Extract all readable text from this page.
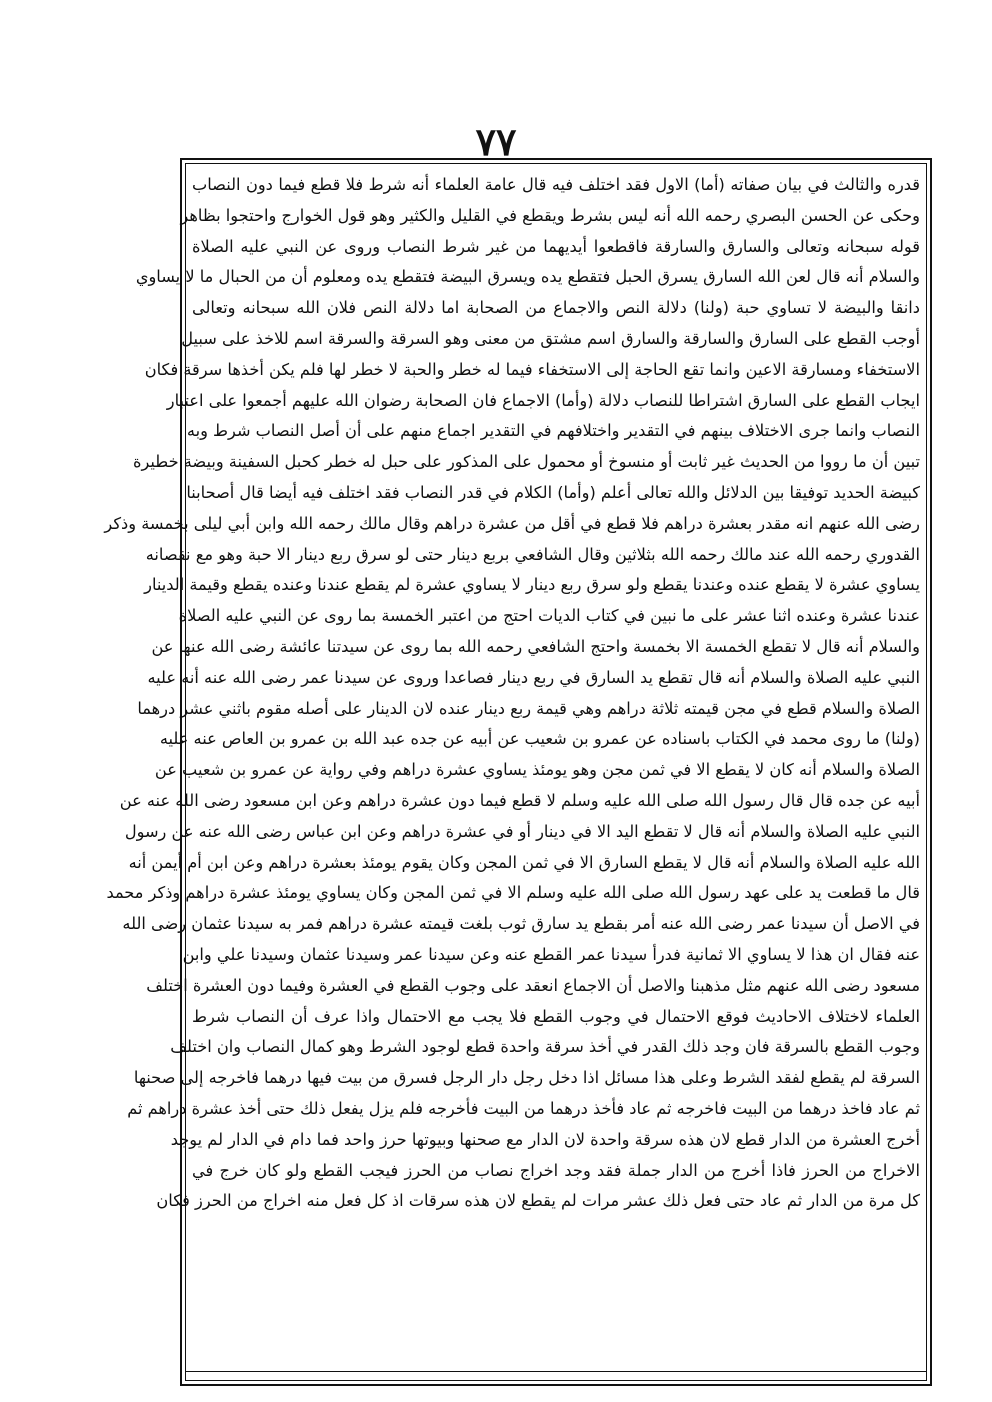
٧٧
قدره والثالث في بيان صفاته (أما) الاول فقد اختلف فيه قال عامة العلماء أنه شرط فلا قطع فيما دون النصاب
وحكى عن الحسن البصري رحمه الله أنه ليس بشرط ويقطع في القليل والكثير وهو قول الخوارج واحتجوا بظاهر
قوله سبحانه وتعالى والسارق والسارقة فاقطعوا أيديهما من غير شرط النصاب وروى عن النبي عليه الصلاة
والسلام أنه قال لعن الله السارق يسرق الحبل فتقطع يده ويسرق البيضة فتقطع يده ومعلوم أن من الحبال ما لا يساوي
دانقا والبيضة لا تساوي حبة (ولنا) دلالة النص والاجماع من الصحابة اما دلالة النص فلان الله سبحانه وتعالى
أوجب القطع على السارق والسارقة والسارق اسم مشتق من معنى وهو السرقة والسرقة اسم للاخذ على سبيل
الاستخفاء ومسارقة الاعين وانما تقع الحاجة إلى الاستخفاء فيما له خطر والحبة لا خطر لها فلم يكن أخذها سرقة فكان
ايجاب القطع على السارق اشتراطا للنصاب دلالة (وأما) الاجماع فان الصحابة رضوان الله عليهم أجمعوا على اعتبار
النصاب وانما جرى الاختلاف بينهم في التقدير واختلافهم في التقدير اجماع منهم على أن أصل النصاب شرط وبه
تبين أن ما رووا من الحديث غير ثابت أو منسوخ أو محمول على المذكور على حبل له خطر كحبل السفينة وبيضة خطيرة
كبيضة الحديد توفيقا بين الدلائل والله تعالى أعلم (وأما) الكلام في قدر النصاب فقد اختلف فيه أيضا قال أصحابنا
رضى الله عنهم انه مقدر بعشرة دراهم فلا قطع في أقل من عشرة دراهم وقال مالك رحمه الله وابن أبي ليلى بخمسة وذكر
القدوري رحمه الله عند مالك رحمه الله بثلاثين وقال الشافعي بربع دينار حتى لو سرق ربع دينار الا حبة وهو مع نقصانه
يساوي عشرة لا يقطع عنده وعندنا يقطع ولو سرق ربع دينار لا يساوي عشرة لم يقطع عندنا وعنده يقطع وقيمة الدينار
عندنا عشرة وعنده اثنا عشر على ما نبين في كتاب الديات احتج من اعتبر الخمسة بما روى عن النبي عليه الصلاة
والسلام أنه قال لا تقطع الخمسة الا بخمسة واحتج الشافعي رحمه الله بما روى عن سيدتنا عائشة رضى الله عنها عن
النبي عليه الصلاة والسلام أنه قال تقطع يد السارق في ربع دينار فصاعدا وروى عن سيدنا عمر رضى الله عنه أنه عليه
الصلاة والسلام قطع في مجن قيمته ثلاثة دراهم وهي قيمة ربع دينار عنده لان الدينار على أصله مقوم باثني عشر درهما
(ولنا) ما روى محمد في الكتاب باسناده عن عمرو بن شعيب عن أبيه عن جده عبد الله بن عمرو بن العاص عنه عليه
الصلاة والسلام أنه كان لا يقطع الا في ثمن مجن وهو يومئذ يساوي عشرة دراهم وفي رواية عن عمرو بن شعيب عن
أبيه عن جده قال قال رسول الله صلى الله عليه وسلم لا قطع فيما دون عشرة دراهم وعن ابن مسعود رضى الله عنه عن
النبي عليه الصلاة والسلام أنه قال لا تقطع اليد الا في دينار أو في عشرة دراهم وعن ابن عباس رضى الله عنه عن رسول
الله عليه الصلاة والسلام أنه قال لا يقطع السارق الا في ثمن المجن وكان يقوم يومئذ بعشرة دراهم وعن ابن أم أيمن أنه
قال ما قطعت يد على عهد رسول الله صلى الله عليه وسلم الا في ثمن المجن وكان يساوي يومئذ عشرة دراهم وذكر محمد
في الاصل أن سيدنا عمر رضى الله عنه أمر بقطع يد سارق ثوب بلغت قيمته عشرة دراهم فمر به سيدنا عثمان رضى الله
عنه فقال ان هذا لا يساوي الا ثمانية فدرأ سيدنا عمر القطع عنه وعن سيدنا عمر وسيدنا عثمان وسيدنا علي وابن
مسعود رضى الله عنهم مثل مذهبنا والاصل أن الاجماع انعقد على وجوب القطع في العشرة وفيما دون العشرة اختلف
العلماء لاختلاف الاحاديث فوقع الاحتمال في وجوب القطع فلا يجب مع الاحتمال واذا عرف أن النصاب شرط
وجوب القطع بالسرقة فان وجد ذلك القدر في أخذ سرقة واحدة قطع لوجود الشرط وهو كمال النصاب وان اختلف
السرقة لم يقطع لفقد الشرط وعلى هذا مسائل اذا دخل رجل دار الرجل فسرق من بيت فيها درهما فاخرجه إلى صحنها
ثم عاد فاخذ درهما من البيت فاخرجه ثم عاد فأخذ درهما من البيت فأخرجه فلم يزل يفعل ذلك حتى أخذ عشرة دراهم ثم
أخرج العشرة من الدار قطع لان هذه سرقة واحدة لان الدار مع صحنها وبيوتها حرز واحد فما دام في الدار لم يوجد
الاخراج من الحرز فاذا أخرج من الدار جملة فقد وجد اخراج نصاب من الحرز فيجب القطع ولو كان خرج في
كل مرة من الدار ثم عاد حتى فعل ذلك عشر مرات لم يقطع لان هذه سرقات اذ كل فعل منه اخراج من الحرز فكان
